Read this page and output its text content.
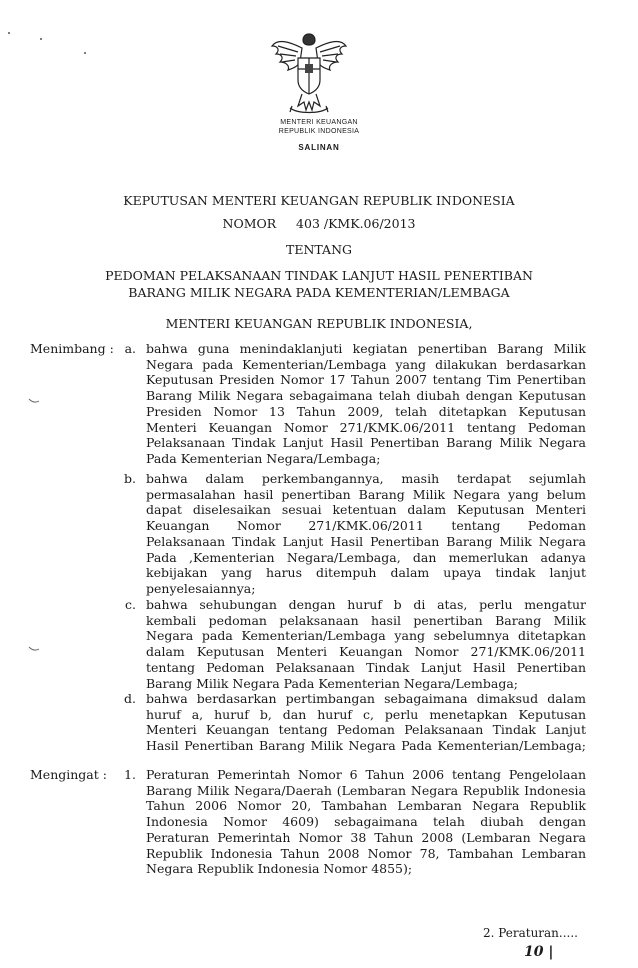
MENTERI KEUANGAN
REPUBLIK INDONESIA
SALINAN
KEPUTUSAN MENTERI KEUANGAN REPUBLIK INDONESIA
NOMOR 403 /KMK.06/2013
TENTANG
PEDOMAN PELAKSANAAN TINDAK LANJUT HASIL PENERTIBAN
BARANG MILIK NEGARA PADA KEMENTERIAN/LEMBAGA
MENTERI KEUANGAN REPUBLIK INDONESIA,
Menimbang : a. bahwa guna menindaklanjuti kegiatan penertiban Barang Milik

Negara pada Kementerian/Lembaga yang dilakukan berdasarkan

Keputusan Presiden Nomor 17 Tahun 2007 tentang Tim Penertiban

Barang Milik Negara sebagaimana telah diubah dengan Keputusan

Presiden Nomor 13 Tahun 2009, telah ditetapkan Keputusan

Menteri Keuangan Nomor 271/KMK.06/2011 tentang Pedoman

Pelaksanaan Tindak Lanjut Hasil Penertiban Barang Milik Negara

Pada Kementerian Negara/Lembaga;

b. bahwa dalam perkembangannya, masih terdapat sejumlah

permasalahan hasil penertiban Barang Milik Negara yang belum

dapat diselesaikan sesuai ketentuan dalam Keputusan Menteri

Keuangan Nomor 271/KMK.06/2011 tentang Pedoman

Pelaksanaan Tindak Lanjut Hasil Penertiban Barang Milik Negara

Pada ,Kementerian Negara/Lembaga, dan memerlukan adanya

kebijakan yang harus ditempuh dalam upaya tindak lanjut

penyelesaiannya;

c. bahwa sehubungan dengan huruf b di atas, perlu mengatur

kembali pedoman pelaksanaan hasil penertiban Barang Milik

Negara pada Kementerian/Lembaga yang sebelumnya ditetapkan

dalam Keputusan Menteri Keuangan Nomor 271/KMK.06/2011

tentang Pedoman Pelaksanaan Tindak Lanjut Hasil Penertiban

Barang Milik Negara Pada Kementerian Negara/Lembaga;

d. bahwa berdasarkan pertimbangan sebagaimana dimaksud dalam

huruf a, huruf b, dan huruf c, perlu menetapkan Keputusan

Menteri Keuangan tentang Pedoman Pelaksanaan Tindak Lanjut

Hasil Penertiban Barang Milik Negara Pada Kementerian/Lembaga;

Mengingat :	1. Peraturan Pemerintah Nomor 6 Tahun 2006 tentang Pengelolaan

Barang Milik Negara/Daerah (Lembaran Negara Republik Indonesia

Tahun 2006 Nomor 20, Tambahan Lembaran Negara Republik

Indonesia Nomor 4609) sebagaimana telah diubah dengan

Peraturan Pemerintah Nomor 38 Tahun 2008 (Lembaran Negara

Republik Indonesia Tahun 2008 Nomor 78, Tambahan Lembaran

Negara Republik Indonesia Nomor 4855);

2. Peraturan.....
10 |
